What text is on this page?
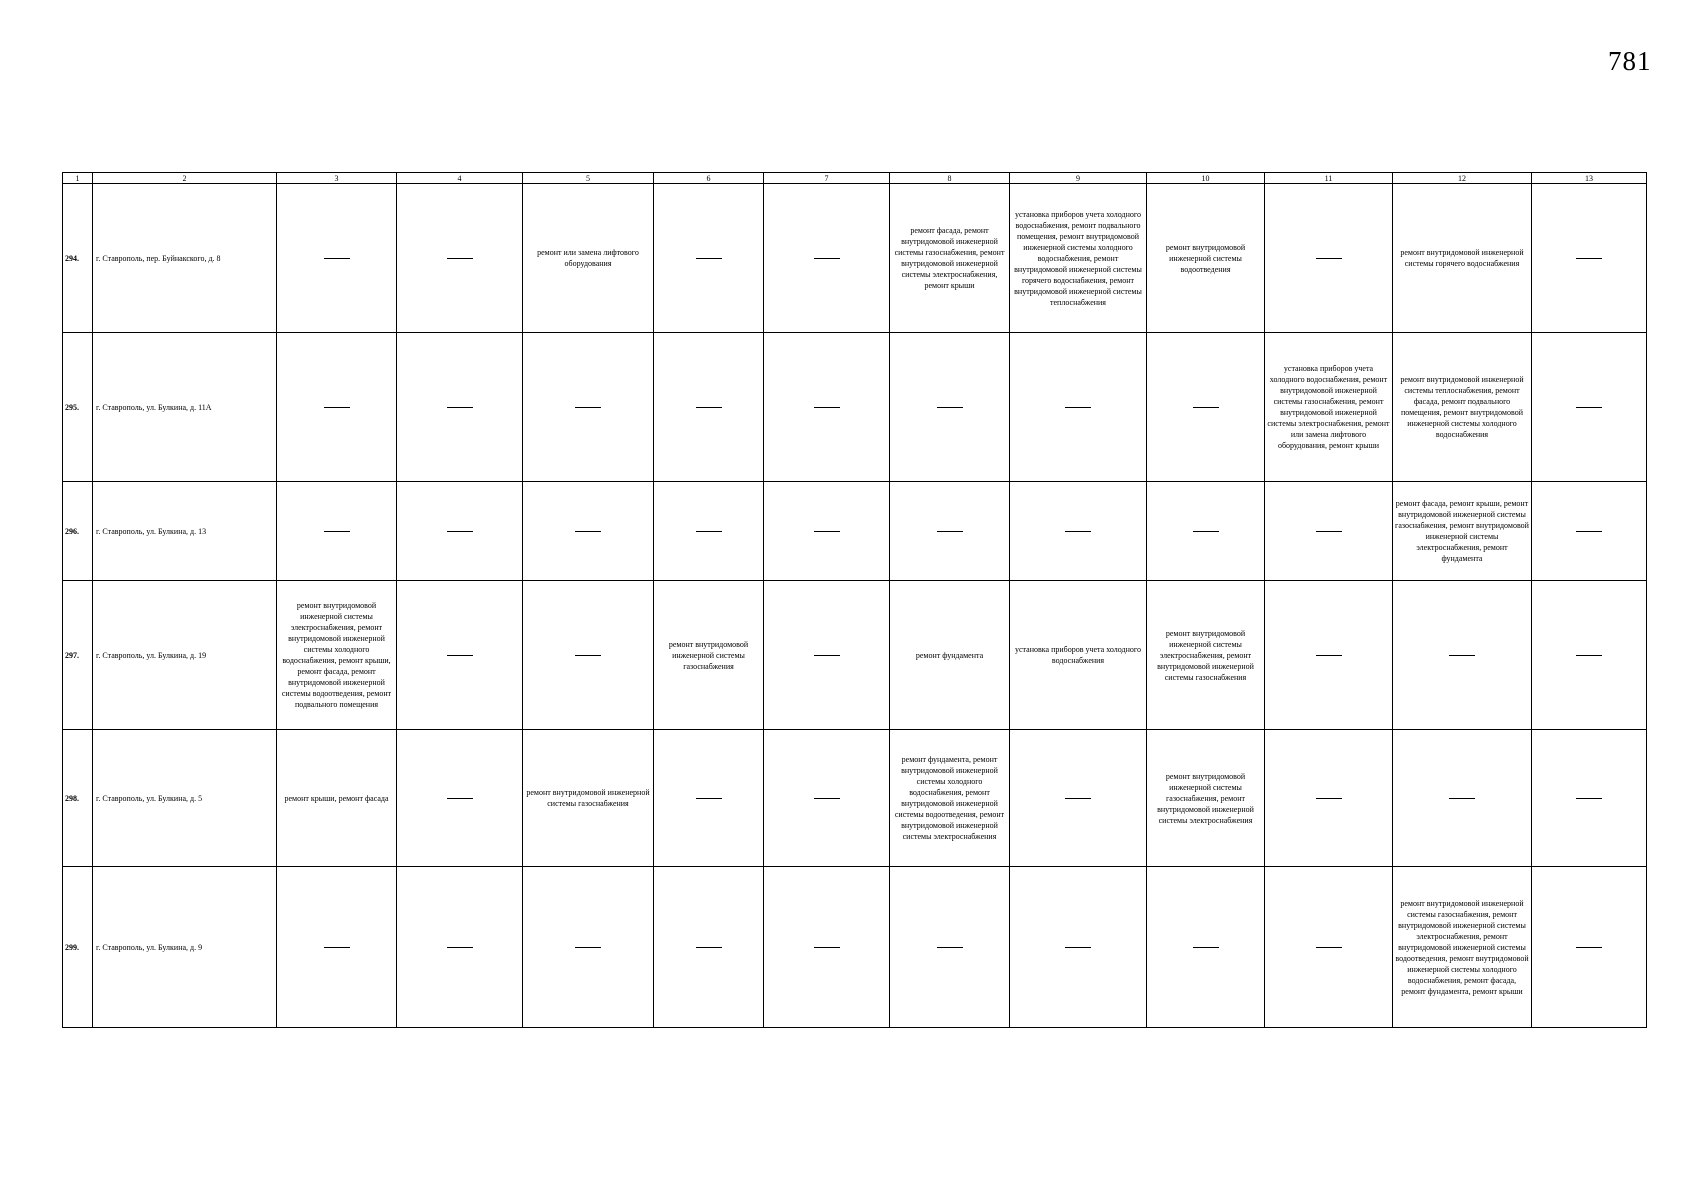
781
1	2	3	4	5	6	7	8	9	10	11	12	13
294.	г. Ставрополь, пер. Буйнакского, д. 8			ремонт или замена лифтового оборудования			ремонт фасада, ремонт внутридомовой инженерной системы газоснабжения, ремонт внутридомовой инженерной системы электроснабжения, ремонт крыши	установка приборов учета холодного водоснабжения, ремонт подвального помещения, ремонт внутридомовой инженерной системы холодного водоснабжения, ремонт внутридомовой инженерной системы горячего водоснабжения, ремонт внутридомовой инженерной системы теплоснабжения	ремонт внутридомовой инженерной системы водоотведения		ремонт внутридомовой инженерной системы горячего водоснабжения	
295.	г. Ставрополь, ул. Булкина, д. 11А									установка приборов учета холодного водоснабжения, ремонт внутридомовой инженерной системы газоснабжения, ремонт внутридомовой инженерной системы электроснабжения, ремонт или замена лифтового оборудования, ремонт крыши	ремонт внутридомовой инженерной системы теплоснабжения, ремонт фасада, ремонт подвального помещения, ремонт внутридомовой инженерной системы холодного водоснабжения	
296.	г. Ставрополь, ул. Булкина, д. 13										ремонт фасада, ремонт крыши, ремонт внутридомовой инженерной системы газоснабжения, ремонт внутридомовой инженерной системы электроснабжения, ремонт фундамента	
297.	г. Ставрополь, ул. Булкина, д. 19	ремонт внутридомовой инженерной системы электроснабжения, ремонт внутридомовой инженерной системы холодного водоснабжения, ремонт крыши, ремонт фасада, ремонт внутридомовой инженерной системы водоотведения, ремонт подвального помещения			ремонт внутридомовой инженерной системы газоснабжения		ремонт фундамента	установка приборов учета холодного водоснабжения	ремонт внутридомовой инженерной системы электроснабжения, ремонт внутридомовой инженерной системы газоснабжения			
298.	г. Ставрополь, ул. Булкина, д. 5	ремонт крыши, ремонт фасада		ремонт внутридомовой инженерной системы газоснабжения			ремонт фундамента, ремонт внутридомовой инженерной системы холодного водоснабжения, ремонт внутридомовой инженерной системы водоотведения, ремонт внутридомовой инженерной системы электроснабжения		ремонт внутридомовой инженерной системы газоснабжения, ремонт внутридомовой инженерной системы электроснабжения			
299.	г. Ставрополь, ул. Булкина, д. 9										ремонт внутридомовой инженерной системы газоснабжения, ремонт внутридомовой инженерной системы электроснабжения, ремонт внутридомовой инженерной системы водоотведения, ремонт внутридомовой инженерной системы холодного водоснабжения, ремонт фасада, ремонт фундамента, ремонт крыши	
